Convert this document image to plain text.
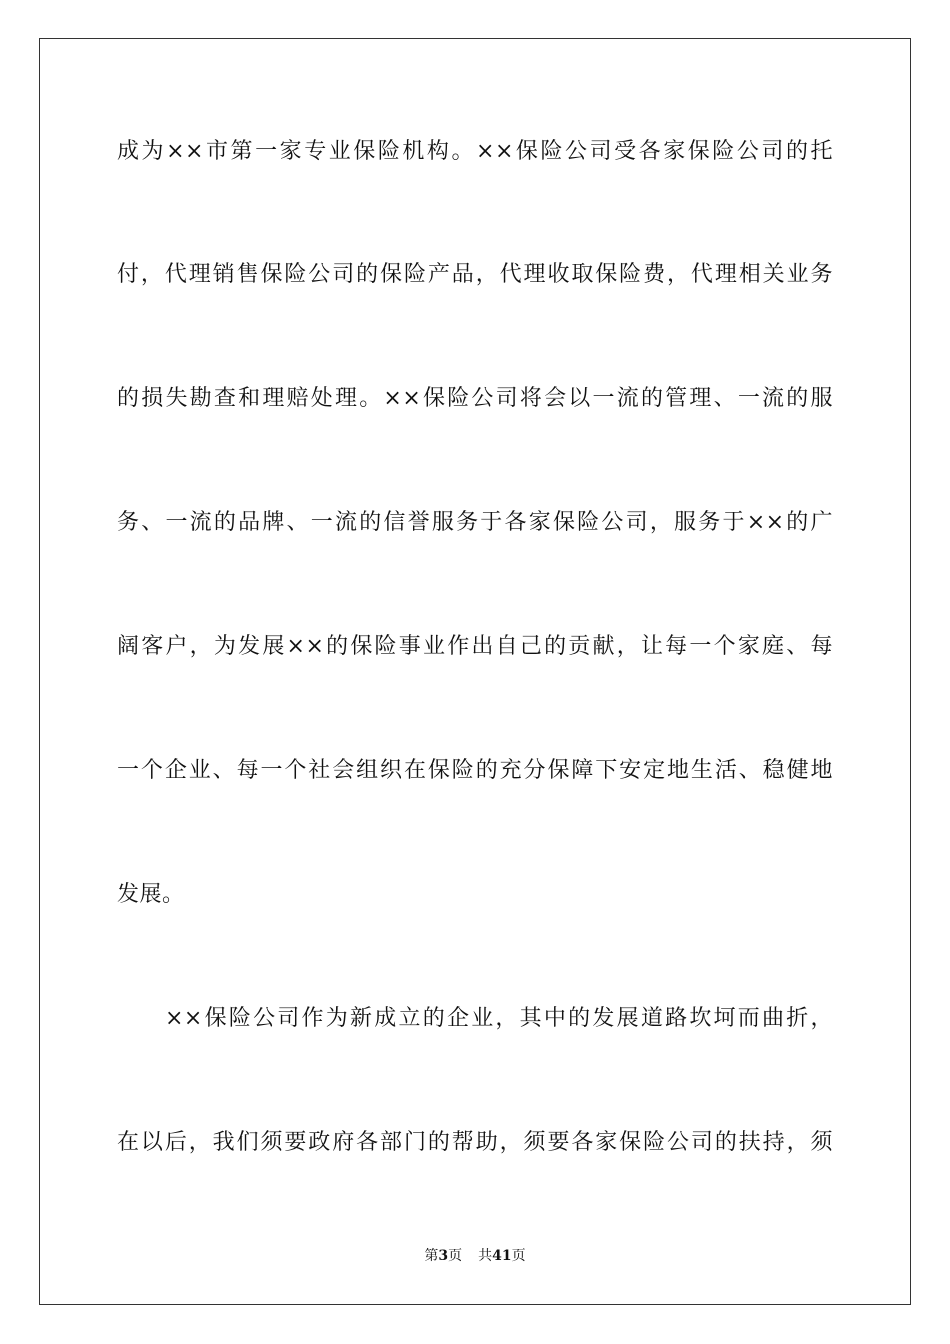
成为××市第一家专业保险机构。××保险公司受各家保险公司的托
付，代理销售保险公司的保险产品，代理收取保险费，代理相关业务
的损失勘查和理赔处理。××保险公司将会以一流的管理、一流的服
务、一流的品牌、一流的信誉服务于各家保险公司，服务于××的广
阔客户，为发展××的保险事业作出自己的贡献，让每一个家庭、每
一个企业、每一个社会组织在保险的充分保障下安定地生活、稳健地
发展。
××保险公司作为新成立的企业，其中的发展道路坎坷而曲折，
在以后，我们须要政府各部门的帮助，须要各家保险公司的扶持，须
第3页 共41页
